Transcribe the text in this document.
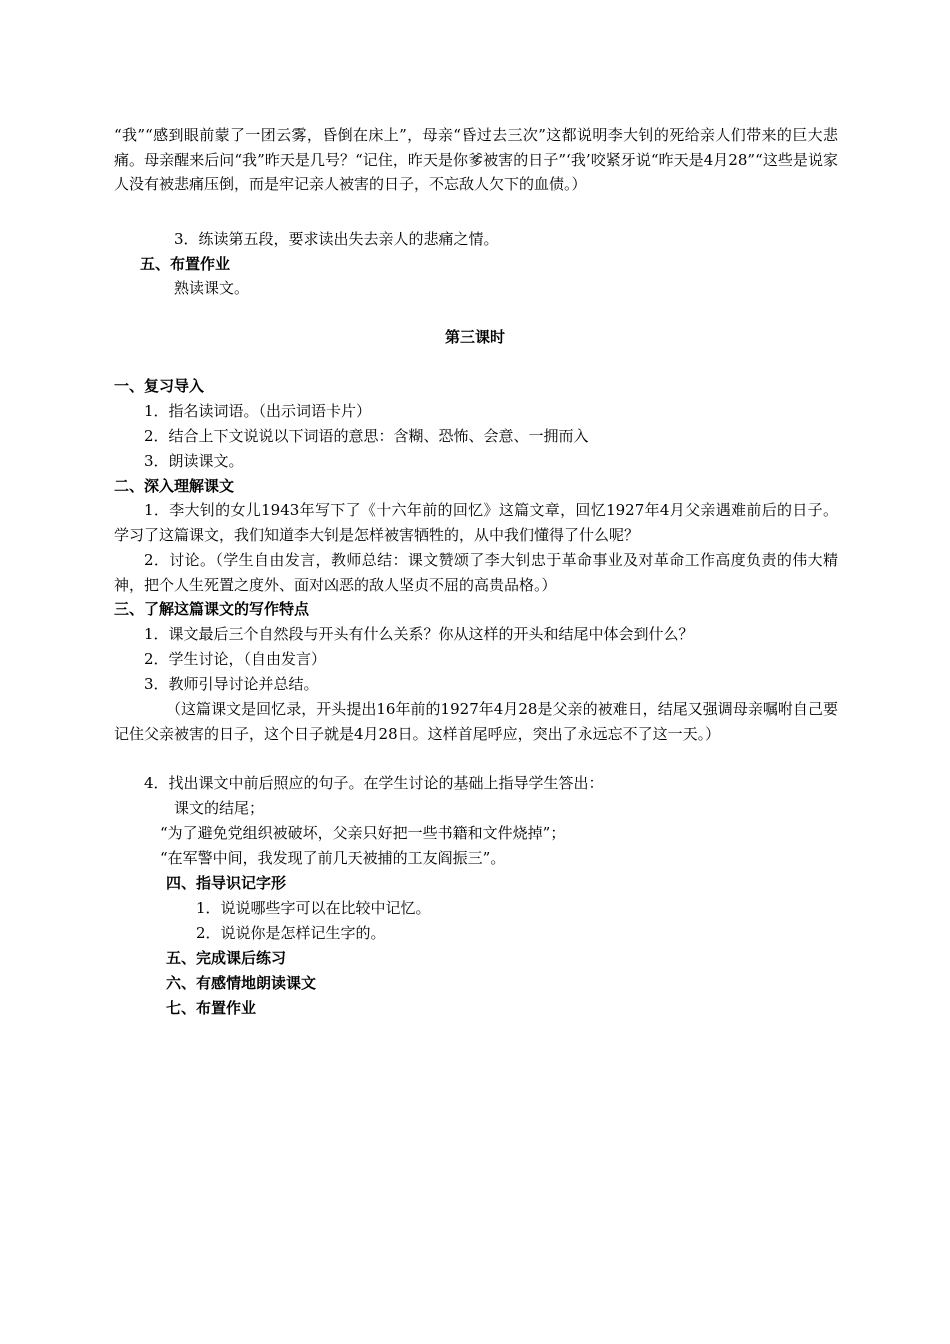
“我”“感到眼前蒙了一团云雾，昏倒在床上”，母亲“昏过去三次”这都说明李大钊的死给亲人们带来的巨大悲痛。母亲醒来后问“我”昨天是几号？“记住，昨天是你爹被害的日子”‘我’咬紧牙说“昨天是4月28”“这些是说家人没有被悲痛压倒，而是牢记亲人被害的日子，不忘敌人欠下的血债。）

3．练读第五段，要求读出失去亲人的悲痛之情。

五、布置作业

熟读课文。

第三课时

一、复习导入

1．指名读词语。（出示词语卡片）

2．结合上下文说说以下词语的意思：含糊、恐怖、会意、一拥而入

3．朗读课文。

二、深入理解课文

1．李大钊的女儿1943年写下了《十六年前的回忆》这篇文章，回忆1927年4月父亲遇难前后的日子。学习了这篇课文，我们知道李大钊是怎样被害牺牲的，从中我们懂得了什么呢？

2．讨论。（学生自由发言，教师总结：课文赞颂了李大钊忠于革命事业及对革命工作高度负责的伟大精神，把个人生死置之度外、面对凶恶的敌人坚贞不屈的高贵品格。）

三、了解这篇课文的写作特点

1．课文最后三个自然段与开头有什么关系？你从这样的开头和结尾中体会到什么？

2．学生讨论，（自由发言）

3．教师引导讨论并总结。

（这篇课文是回忆录，开头提出16年前的1927年4月28是父亲的被难日，结尾又强调母亲嘱咐自己要记住父亲被害的日子，这个日子就是4月28日。这样首尾呼应，突出了永远忘不了这一天。）

4．找出课文中前后照应的句子。在学生讨论的基础上指导学生答出：

课文的结尾；

“为了避免党组织被破坏，父亲只好把一些书籍和文件烧掉”；

“在军警中间，我发现了前几天被捕的工友阎振三”。

四、指导识记字形

1．说说哪些字可以在比较中记忆。

2．说说你是怎样记生字的。

五、完成课后练习

六、有感情地朗读课文

七、布置作业
